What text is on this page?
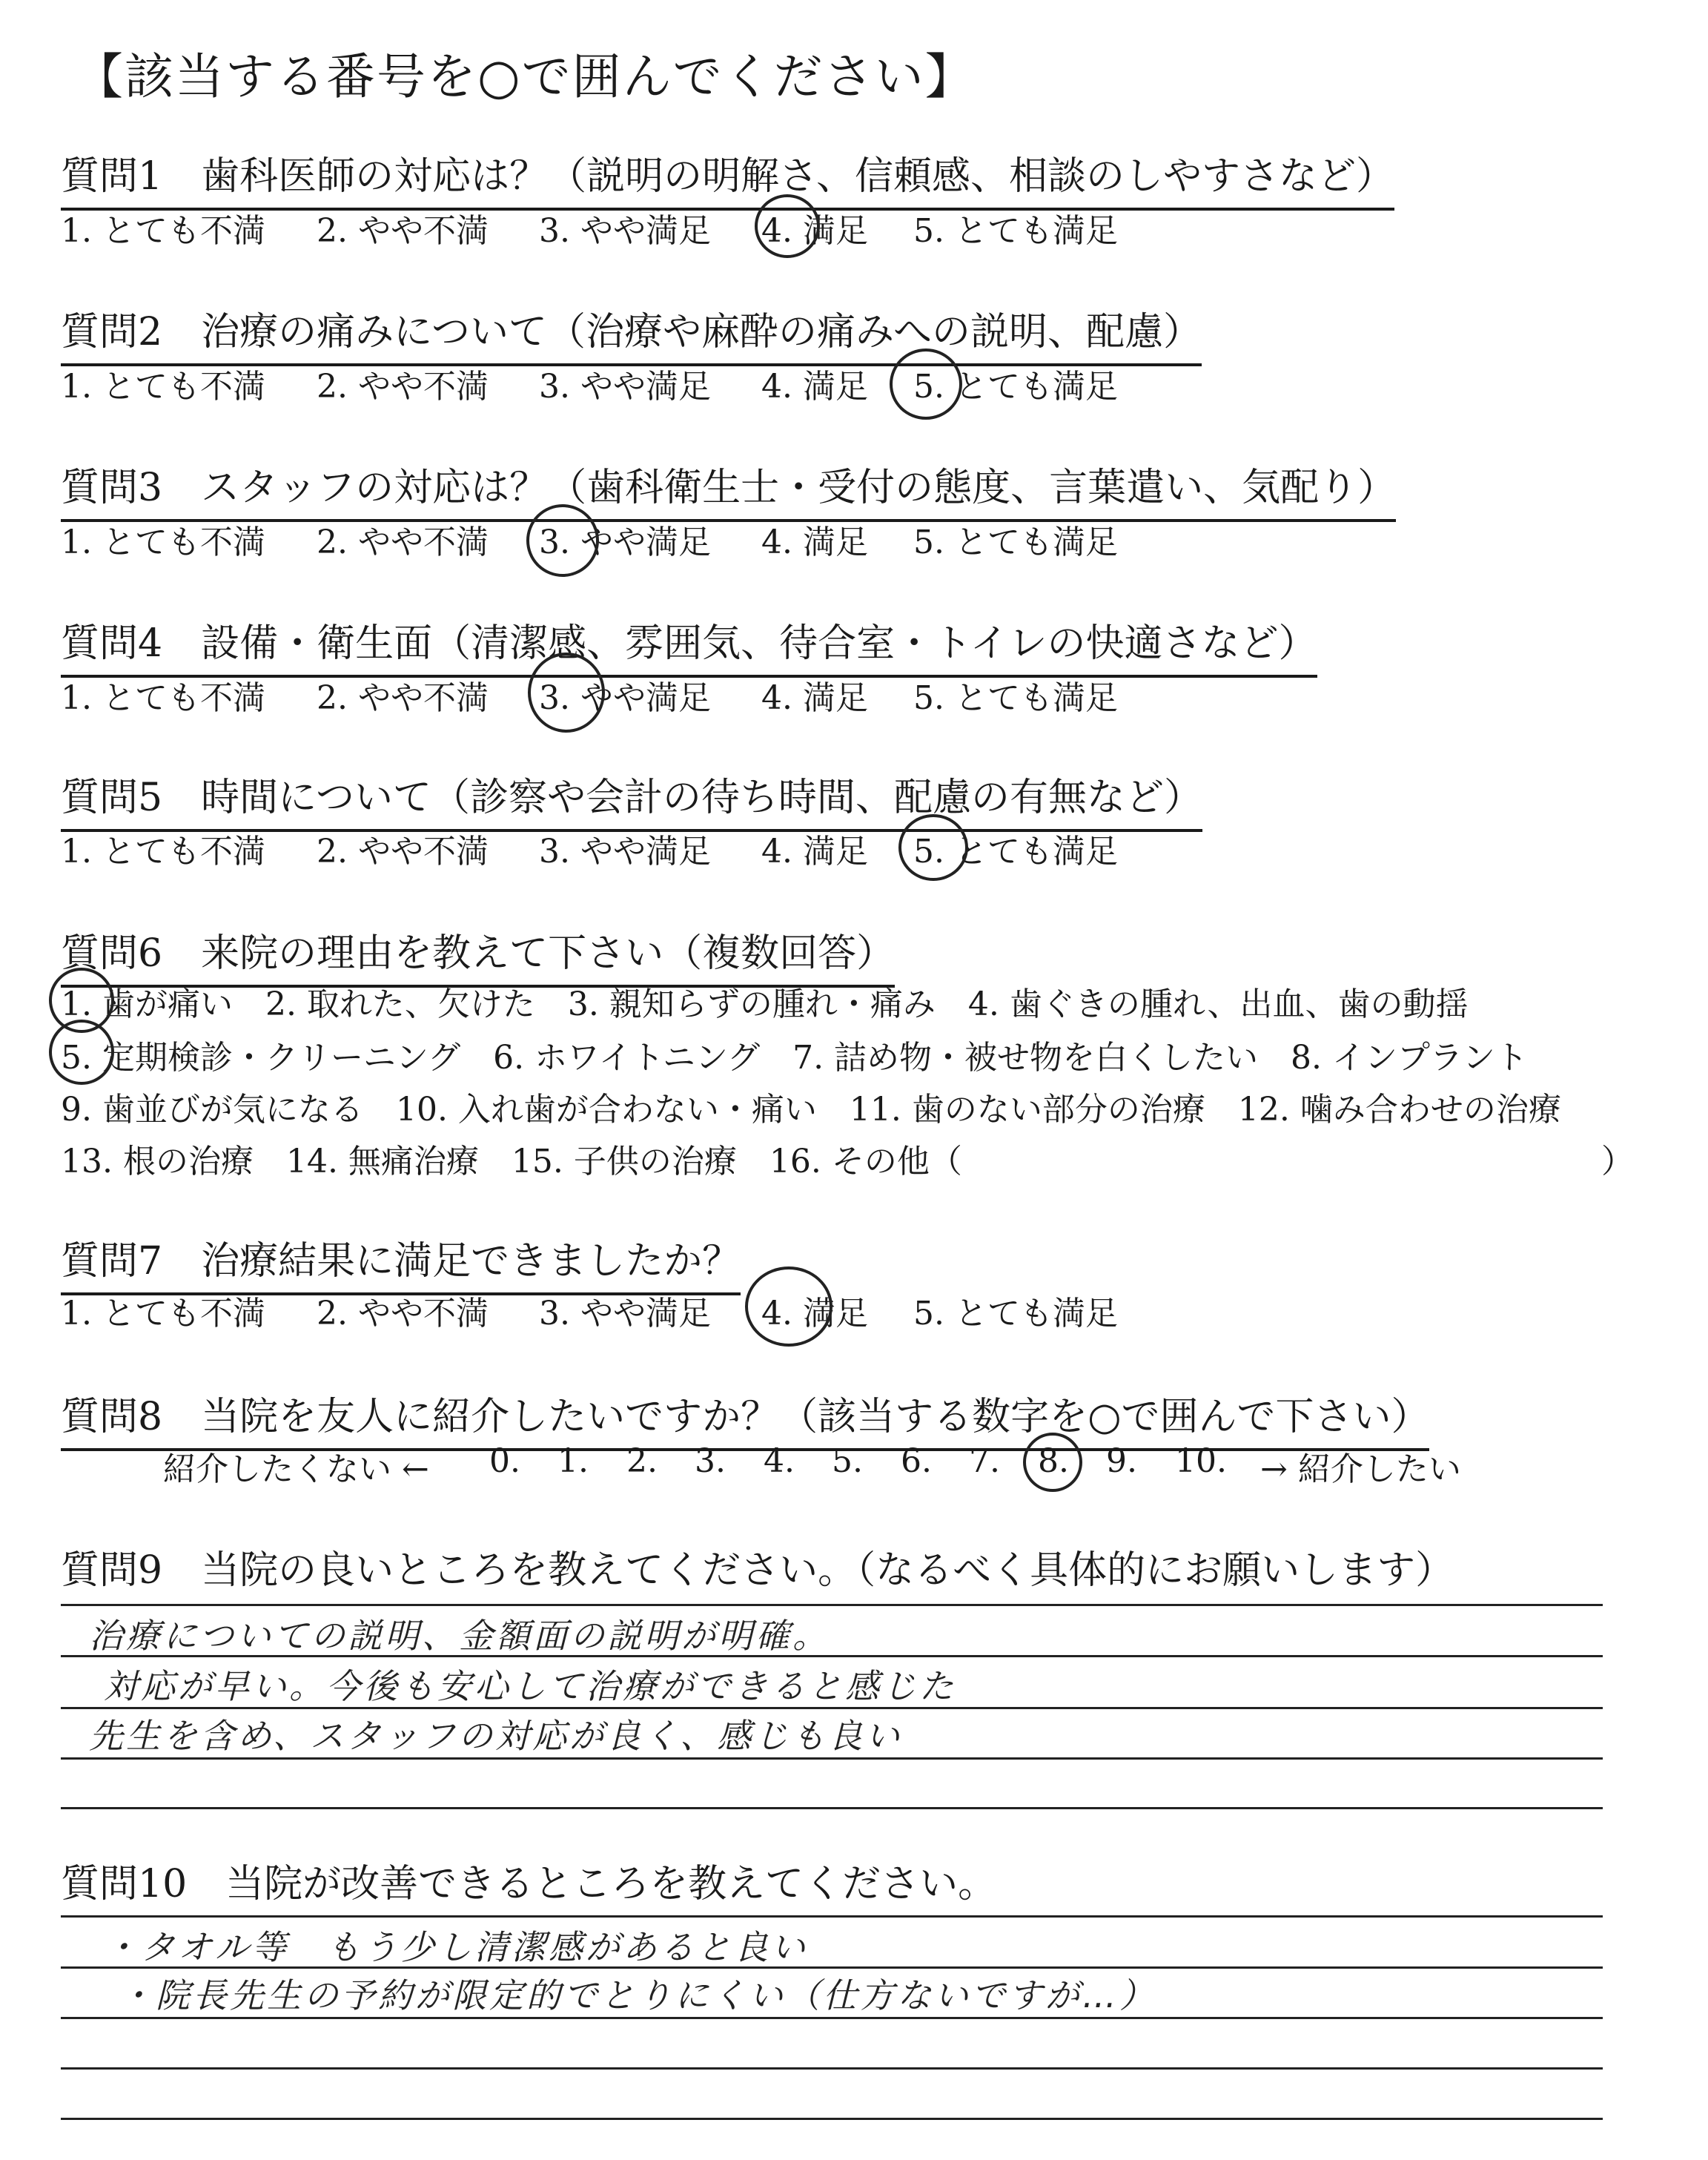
【該当する番号を○で囲んでください】
質問1　歯科医師の対応は？（説明の明解さ、信頼感、相談のしやすさなど）
1. とても不満 2. やや不満 3. やや満足 4. 満足 5. とても満足
質問2　治療の痛みについて（治療や麻酔の痛みへの説明、配慮）
1. とても不満 2. やや不満 3. やや満足 4. 満足 5. とても満足
質問3　スタッフの対応は？（歯科衛生士・受付の態度、言葉遣い、気配り）
1. とても不満 2. やや不満 3. やや満足 4. 満足 5. とても満足
質問4　設備・衛生面（清潔感、雰囲気、待合室・トイレの快適さなど）
1. とても不満 2. やや不満 3. やや満足 4. 満足 5. とても満足
質問5　時間について（診察や会計の待ち時間、配慮の有無など）
1. とても不満 2. やや不満 3. やや満足 4. 満足 5. とても満足
質問6　来院の理由を教えて下さい（複数回答）
1. 歯が痛い　2. 取れた、欠けた　3. 親知らずの腫れ・痛み　4. 歯ぐきの腫れ、出血、歯の動揺
5. 定期検診・クリーニング　6. ホワイトニング　7. 詰め物・被せ物を白くしたい　8. インプラント
9. 歯並びが気になる　10. 入れ歯が合わない・痛い　11. 歯のない部分の治療　12. 噛み合わせの治療
13. 根の治療　14. 無痛治療　15. 子供の治療　16. その他（	）
質問7　治療結果に満足できましたか？
1. とても不満 2. やや不満 3. やや満足 4. 満足 5. とても満足
質問8　当院を友人に紹介したいですか？（該当する数字を○で囲んで下さい）
紹介したくない ← 0. 1. 2. 3. 4. 5. 6. 7. 8. 9. 10. → 紹介したい
質問9　当院の良いところを教えてください。（なるべく具体的にお願いします）
治療についての説明、金額面の説明が明確。
対応が早い。今後も安心して治療ができると感じた
先生を含め、スタッフの対応が良く、感じも良い
質問10　当院が改善できるところを教えてください。
・タオル等　もう少し清潔感があると良い
・院長先生の予約が限定的でとりにくい（仕方ないですが…）
